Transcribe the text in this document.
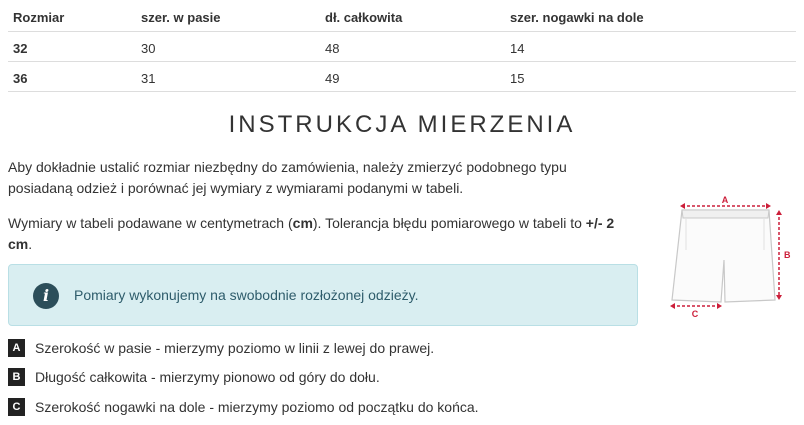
Rozmiar	szer. w pasie	dł. całkowita	szer. nogawki na dole
32	30	48	14
36	31	49	15
INSTRUKCJA MIERZENIA
Aby dokładnie ustalić rozmiar niezbędny do zamówienia, należy zmierzyć podobnego typu posiadaną odzież i porównać jej wymiary z wymiarami podanymi w tabeli.
Wymiary w tabeli podawane w centymetrach (cm). Tolerancja błędu pomiarowego w tabeli to +/- 2 cm.
i	Pomiary wykonujemy na swobodnie rozłożonej odzieży.
A	Szerokość w pasie - mierzymy poziomo w linii z lewej do prawej.
B	Długość całkowita - mierzymy pionowo od góry do dołu.
C	Szerokość nogawki na dole - mierzymy poziomo od początku do końca.
A
B
C
